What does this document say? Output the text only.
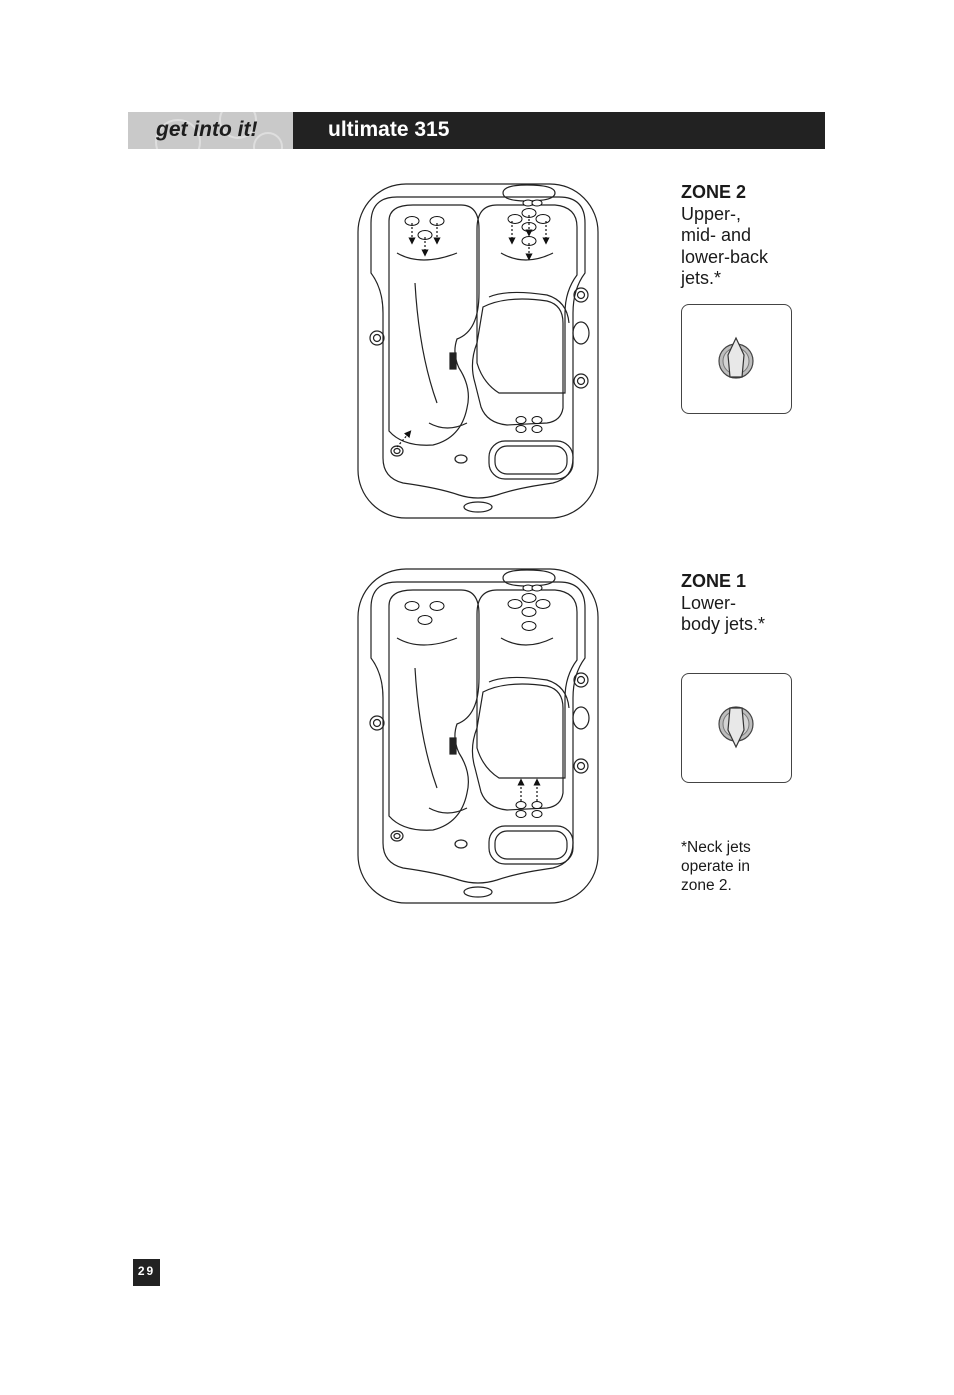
get into it!	ultimate 315
ZONE 2
Upper-,
mid- and
lower-back
jets.*
ZONE 1
Lower-
body jets.*
*Neck jets
operate in
zone 2.
29
